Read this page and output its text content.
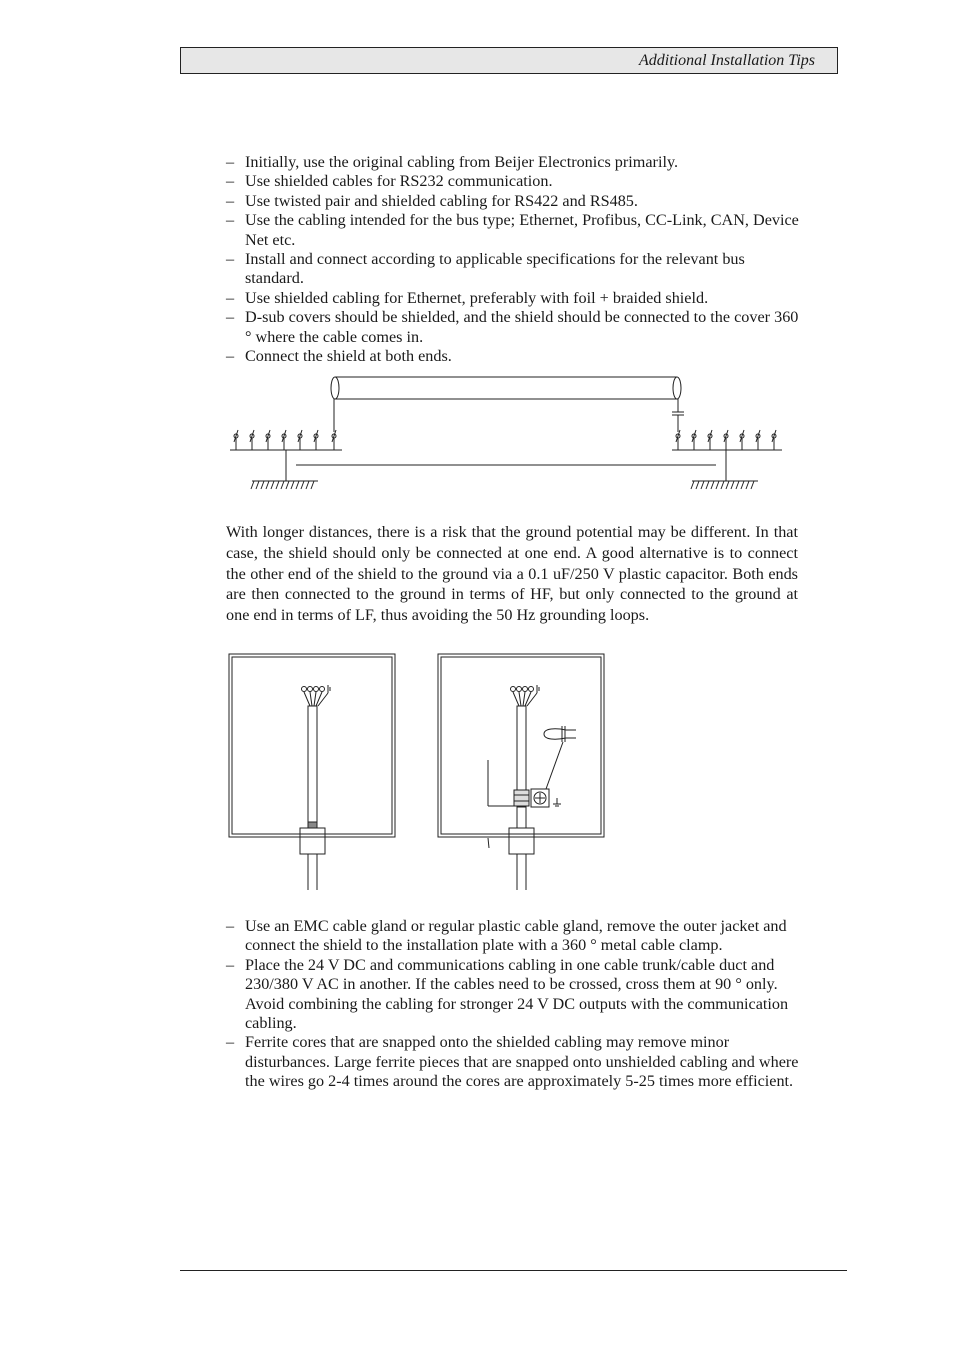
Additional Installation Tips
– Initially, use the original cabling from Beijer Electronics primarily.
– Use shielded cables for RS232 communication.
– Use twisted pair and shielded cabling for RS422 and RS485.
– Use the cabling intended for the bus type; Ethernet, Profibus, CC-Link, CAN, Device Net etc.
– Install and connect according to applicable specifications for the relevant bus standard.
– Use shielded cabling for Ethernet, preferably with foil + braided shield.
– D-sub covers should be shielded, and the shield should be connected to the cover 360 ° where the cable comes in.
– Connect the shield at both ends.

With longer distances, there is a risk that the ground potential may be different. In that case, the shield should only be connected at one end. A good alternative is to connect the other end of the shield to the ground via a 0.1 uF/250 V plastic capacitor. Both ends are then connected to the ground in terms of HF, but only connected to the ground at one end in terms of LF, thus avoiding the 50 Hz grounding loops.

– Use an EMC cable gland or regular plastic cable gland, remove the outer jacket and connect the shield to the installation plate with a 360 ° metal cable clamp.
– Place the 24 V DC and communications cabling in one cable trunk/cable duct and 230/380 V AC in another. If the cables need to be crossed, cross them at 90 ° only. Avoid combining the cabling for stronger 24 V DC outputs with the communication cabling.
– Ferrite cores that are snapped onto the shielded cabling may remove minor disturbances. Large ferrite pieces that are snapped onto unshielded cabling and where the wires go 2-4 times around the cores are approximately 5-25 times more efficient.
